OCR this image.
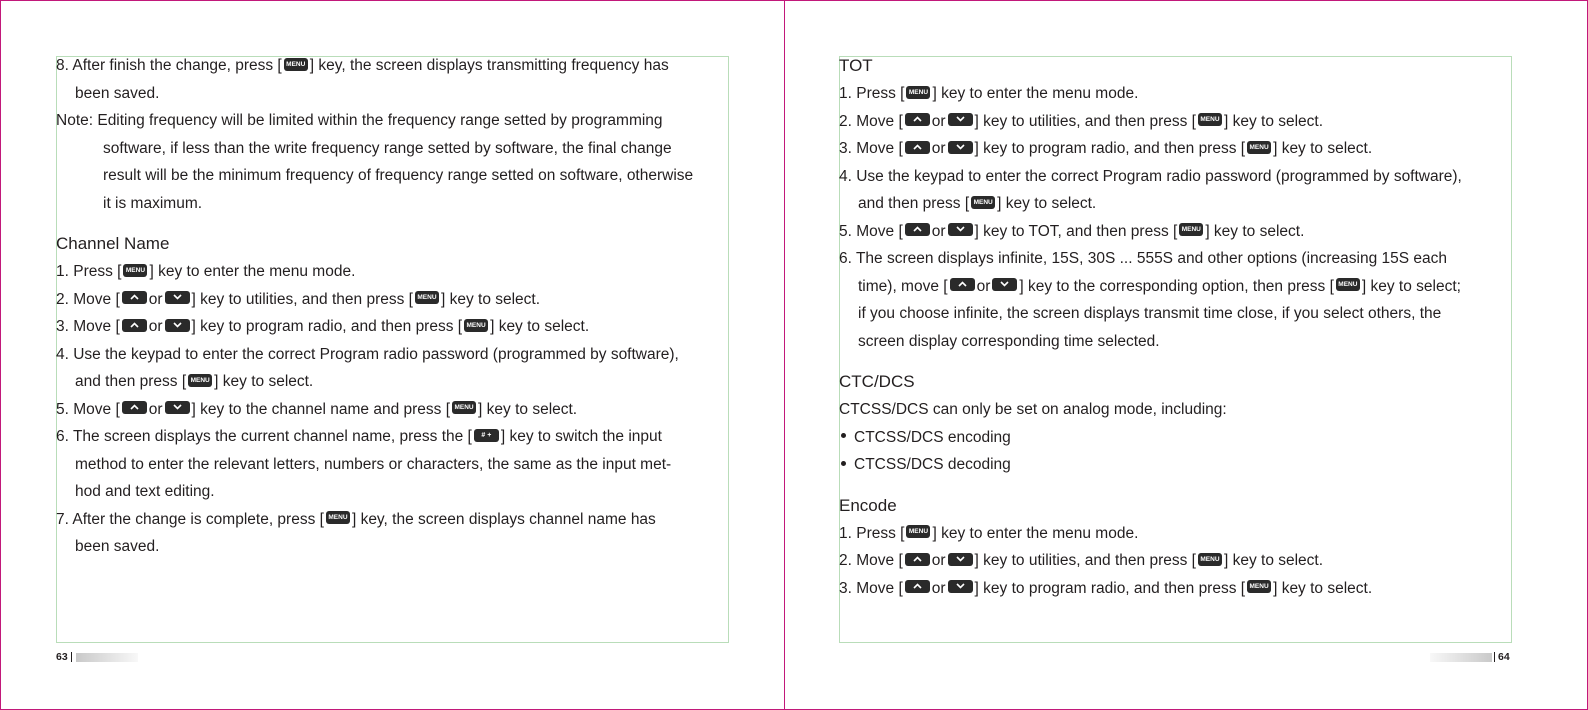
8. After finish the change, press [ MENU ] key, the screen displays transmitting frequency has
been saved.
Note: Editing frequency will be limited within the frequency range setted by programming
software, if less than the write frequency range setted by software, the final change
result will be the minimum frequency of frequency range setted on software, otherwise
it is maximum.
Channel Name
1. Press [ MENU ] key to enter the menu mode.
2. Move [ or ] key to utilities, and then press [ MENU ] key to select.
3. Move [ or ] key to program radio, and then press [ MENU ] key to select.
4. Use the keypad to enter the correct Program radio password (programmed by software),
and then press [ MENU ] key to select.
5. Move [ or ] key to the channel name and press [ MENU ] key to select.
6. The screen displays the current channel name, press the [ # + ] key to switch the input
method to enter the relevant letters, numbers or characters, the same as the input met-
hod and text editing.
7. After the change is complete, press [ MENU ] key, the screen displays channel name has
been saved.
TOT
1. Press [ MENU ] key to enter the menu mode.
2. Move [ or ] key to utilities, and then press [ MENU ] key to select.
3. Move [ or ] key to program radio, and then press [ MENU ] key to select.
4. Use the keypad to enter the correct Program radio password (programmed by software),
and then press [ MENU ] key to select.
5. Move [ or ] key to TOT, and then press [ MENU ] key to select.
6. The screen displays infinite, 15S, 30S ... 555S and other options (increasing 15S each
time), move [ or ] key to the corresponding option, then press [ MENU ] key to select;
if you choose infinite, the screen displays transmit time close, if you select others, the
screen display corresponding time selected.
CTC/DCS
CTCSS/DCS can only be set on analog mode, including:
CTCSS/DCS encoding
CTCSS/DCS decoding
Encode
1. Press [ MENU ] key to enter the menu mode.
2. Move [ or ] key to utilities, and then press [ MENU ] key to select.
3. Move [ or ] key to program radio, and then press [ MENU ] key to select.
63	64
